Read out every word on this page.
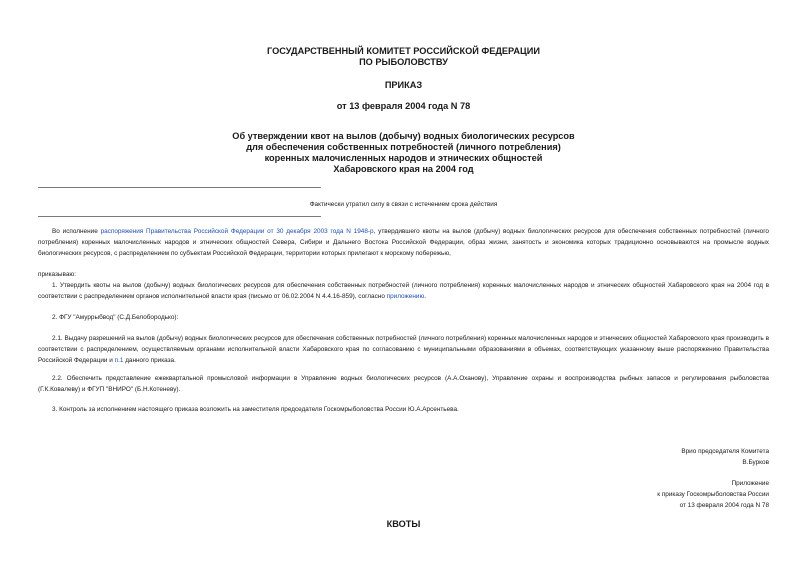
ГОСУДАРСТВЕННЫЙ КОМИТЕТ РОССИЙСКОЙ ФЕДЕРАЦИИ
ПО РЫБОЛОВСТВУ
ПРИКАЗ
от 13 февраля 2004 года N 78
Об утверждении квот на вылов (добычу) водных биологических ресурсов
для обеспечения собственных потребностей (личного потребления)
коренных малочисленных народов и этнических общностей
Хабаровского края на 2004 год
Фактически утратил силу в связи с истечением срока действия

Во исполнение распоряжения Правительства Российской Федерации от 30 декабря 2003 года N 1948-р, утвердившего квоты на вылов (добычу) водных биологических ресурсов для обеспечения собственных потребностей (личного потребления) коренных малочисленных народов и этнических общностей Севера, Сибири и Дальнего Востока Российской Федерации, образ жизни, занятость и экономика которых традиционно основываются на промысле водных биологических ресурсов, с распределением по субъектам Российской Федерации, территории которых прилегают к морскому побережью,

приказываю:

1. Утвердить квоты на вылов (добычу) водных биологических ресурсов для обеспечения собственных потребностей (личного потребления) коренных малочисленных народов и этнических общностей Хабаровского края на 2004 год в соответствии с распределением органов исполнительной власти края (письмо от 06.02.2004 N 4.4.16-859), согласно приложению.

2. ФГУ "Амуррыбвод" (С.Д.Белобородько):

2.1. Выдачу разрешений на вылов (добычу) водных биологических ресурсов для обеспечения собственных потребностей (личного потребления) коренных малочисленных народов и этнических общностей Хабаровского края производить в соответствии с распределением, осуществляемым органами исполнительной власти Хабаровского края по согласованию с муниципальными образованиями в объемах, соответствующих указанному выше распоряжению Правительства Российской Федерации и п.1 данного приказа.

2.2. Обеспечить представление ежеквартальной промысловой информации в Управление водных биологических ресурсов (А.А.Оханову), Управление охраны и воспроизводства рыбных запасов и регулирования рыболовства (Г.К.Ковалеву) и ФГУП "ВНИРО" (Б.Н.Котеневу).

3. Контроль за исполнением настоящего приказа возложить на заместителя председателя Госкомрыболовства России Ю.А.Арсентьева.

Врио председателя Комитета
В.Бурков
Приложение
к приказу Госкомрыболовства России
от 13 февраля 2004 года N 78
КВОТЫ
